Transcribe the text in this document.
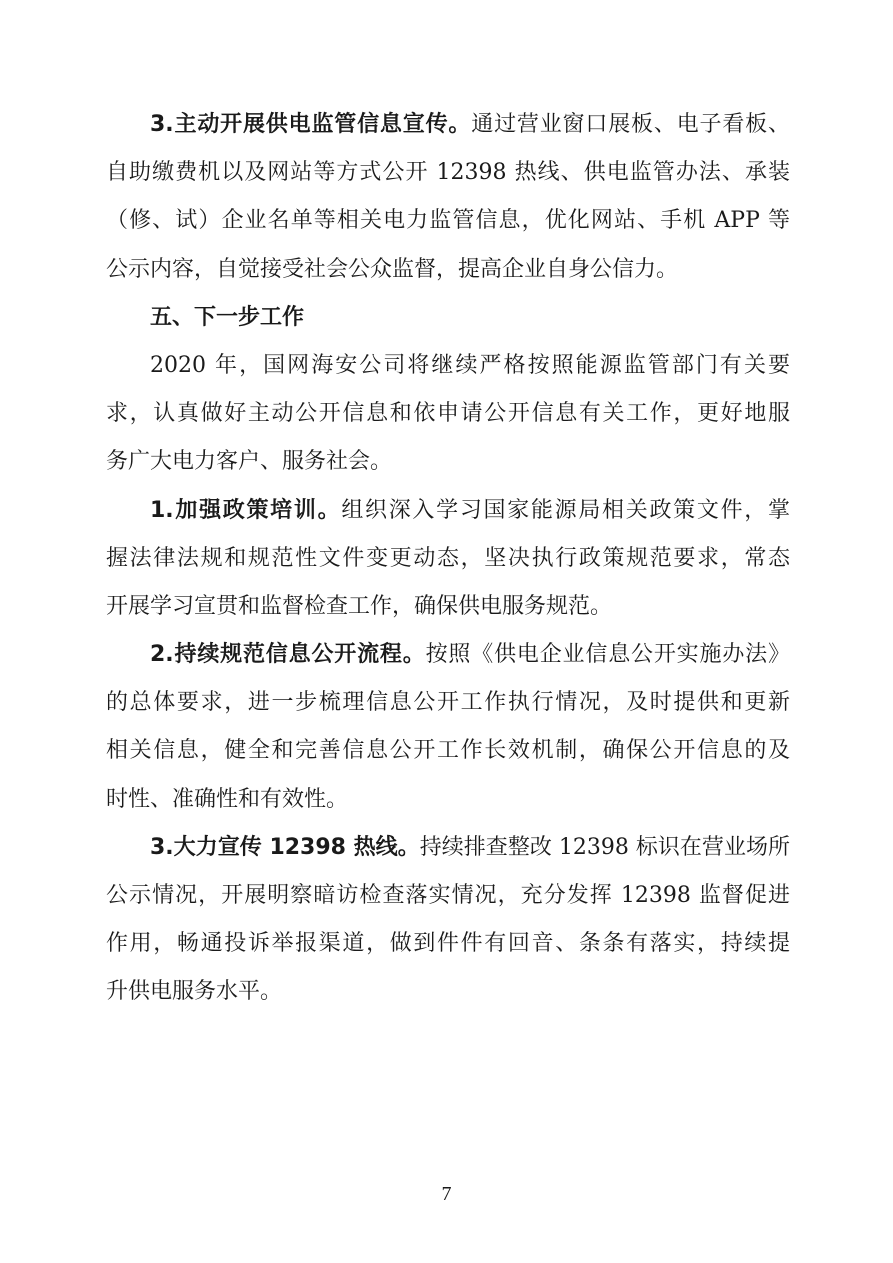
3.主动开展供电监管信息宣传。通过营业窗口展板、电子看板、
自助缴费机以及网站等方式公开 12398 热线、供电监管办法、承装
（修、试）企业名单等相关电力监管信息，优化网站、手机 APP 等
公示内容，自觉接受社会公众监督，提高企业自身公信力。
五、下一步工作
2020 年，国网海安公司将继续严格按照能源监管部门有关要
求，认真做好主动公开信息和依申请公开信息有关工作，更好地服
务广大电力客户、服务社会。
1.加强政策培训。组织深入学习国家能源局相关政策文件，掌
握法律法规和规范性文件变更动态，坚决执行政策规范要求，常态
开展学习宣贯和监督检查工作，确保供电服务规范。
2.持续规范信息公开流程。按照《供电企业信息公开实施办法》
的总体要求，进一步梳理信息公开工作执行情况，及时提供和更新
相关信息，健全和完善信息公开工作长效机制，确保公开信息的及
时性、准确性和有效性。
3.大力宣传 12398 热线。持续排查整改 12398 标识在营业场所
公示情况，开展明察暗访检查落实情况，充分发挥 12398 监督促进
作用，畅通投诉举报渠道，做到件件有回音、条条有落实，持续提
升供电服务水平。
7
